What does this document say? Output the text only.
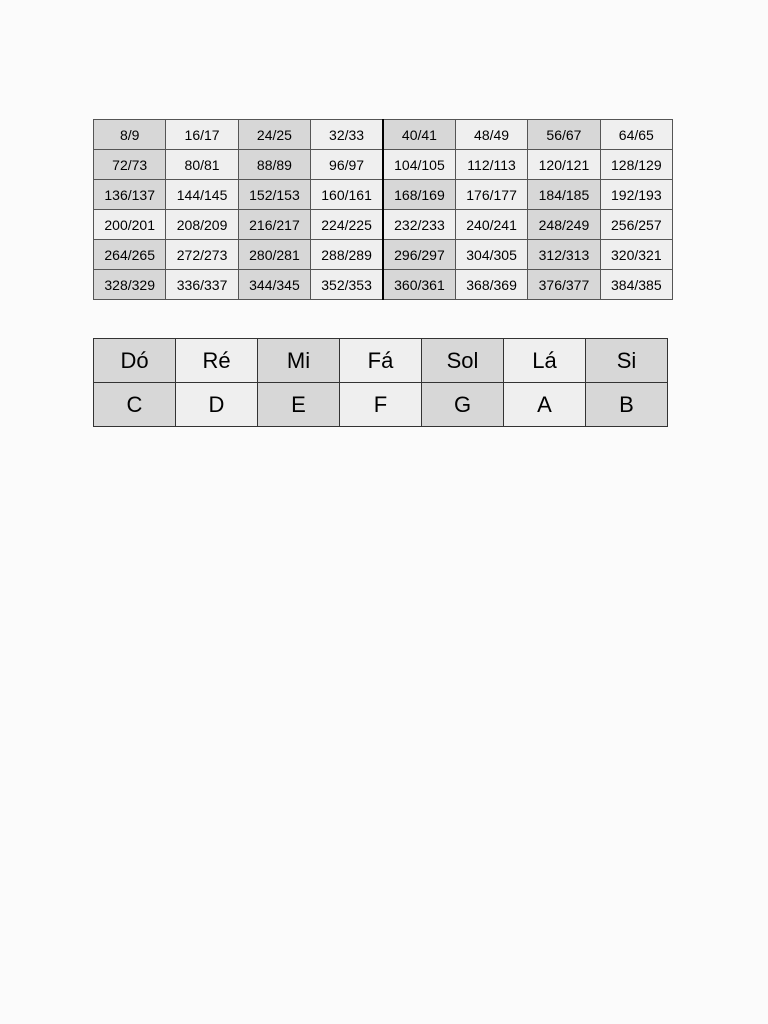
8/9	16/17	24/25	32/33	40/41	48/49	56/67	64/65
72/73	80/81	88/89	96/97	104/105	112/113	120/121	128/129
136/137	144/145	152/153	160/161	168/169	176/177	184/185	192/193
200/201	208/209	216/217	224/225	232/233	240/241	248/249	256/257
264/265	272/273	280/281	288/289	296/297	304/305	312/313	320/321
328/329	336/337	344/345	352/353	360/361	368/369	376/377	384/385
Dó	Ré	Mi	Fá	Sol	Lá	Si
C	D	E	F	G	A	B
